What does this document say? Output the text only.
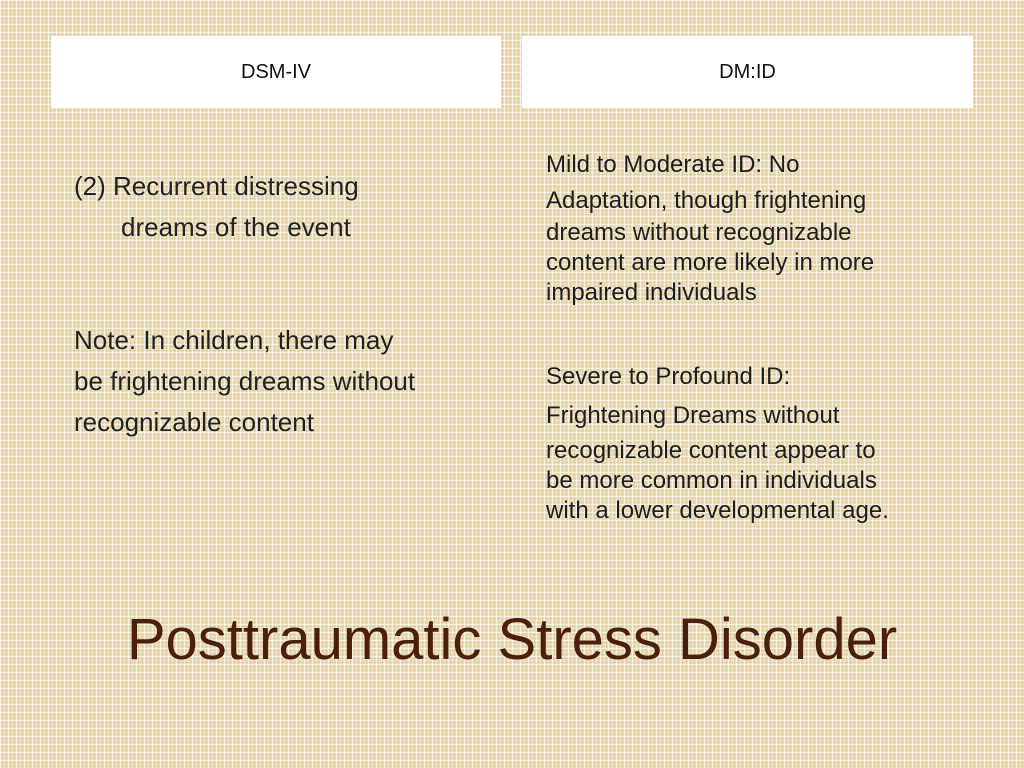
DSM-IV	DM:ID
(2) Recurrent distressing
dreams of the event
Note: In children, there may
be frightening dreams without
recognizable content
Mild to Moderate ID: No
Adaptation, though frightening
dreams without recognizable
content are more likely in more
impaired individuals
Severe to Profound ID:
Frightening Dreams without
recognizable content appear to
be more common in individuals
with a lower developmental age.
Posttraumatic Stress Disorder
